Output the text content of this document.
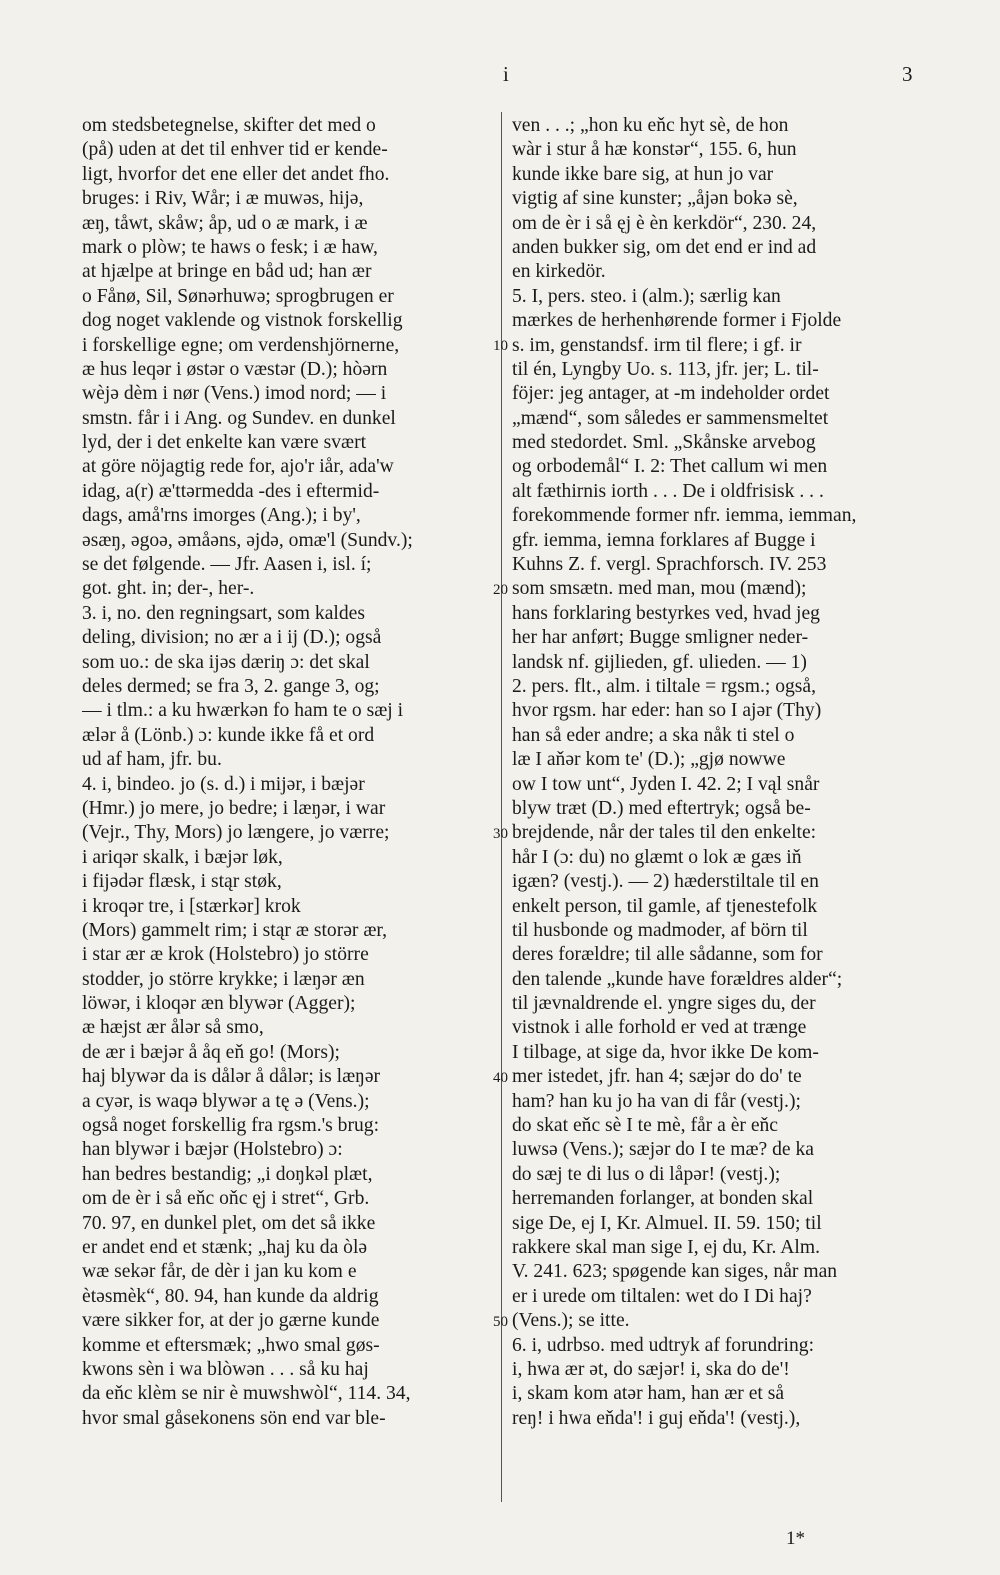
i	3
om stedsbetegnelse, skifter det med o
(på) uden at det til enhver tid er kende-
ligt, hvorfor det ene eller det andet fho.
bruges: i Riv, Wår; i æ muwəs, hiјə,
æŋ, tåwt, skåw; åp, ud o æ mark, i æ
mark o plòw; te haws o fesk; i æ haw,
at hjælpe at bringe en båd ud; han ær
o Fånø, Sil, Sønərhuwə; sprogbrugen er
dog noget vaklende og vistnok forskellig
i forskellige egne; om verdenshjörnerne,
æ hus leqər i østər o væstər (D.); hòərn
wèjə dèm i nør (Vens.) imod nord; — i
smstn. får i i Ang. og Sundev. en dunkel
lyd, der i det enkelte kan være svært
at göre nöjagtig rede for, ajo'r iår, ada'w
idag, a(r) æ'ttərmedda -des i eftermid-
dags, amå'rns imorges (Ang.); i by',
əsæŋ, əgoə, əmåəns, əjdə, omæ'l (Sundv.);
se det følgende. — Jfr. Aasen i, isl. í;
got. ght. in; der-, her-.
3. i, no. den regningsart, som kaldes
deling, division; no ær a i ij (D.); også
som uo.: de ska ijəs dæriŋ ɔ: det skal
deles dermed; se fra 3, 2. gange 3, og;
— i tlm.: a ku hwærkən fo ham te o sæj i
ælər å (Lönb.) ɔ: kunde ikke få et ord
ud af ham, jfr. bu.
4. i, bindeo. jo (s. d.) i mijər, i bæjər
(Hmr.) jo mere, jo bedre; i læŋər, i war
(Vejr., Thy, Mors) jo længere, jo værre;
i ariqər skalk, i bæjər løk,
i fijədər flæsk, i stąr støk,
i kroqər tre, i [stærkər] krok
(Mors) gammelt rim; i stąr æ storər ær,
i star ær æ krok (Holstebro) jo större
stodder, jo större krykke; i læŋər æn
löwər, i kloqər æn blywər (Agger);
æ hæjst ær ålər så smo,
de ær i bæjər å åq eň go! (Mors);
haj blywər da is dålər å dålər; is læŋər
a cyər, is waqə blywər a tę ə (Vens.);
også noget forskellig fra rgsm.'s brug:
han blywər i bæjər (Holstebro) ɔ:
han bedres bestandig; „i doŋkəl plæt,
om de èr i så eňc oňc ęj i stret“, Grb.
70. 97, en dunkel plet, om det så ikke
er andet end et stænk; „haj ku da òlə
wæ sekər får, de dèr i jan ku kom e
ètəsmèk“, 80. 94, han kunde da aldrig
være sikker for, at der jo gærne kunde
komme et eftersmæk; „hwo smal gøs-
kwons sèn i wa blòwən . . . så ku haj
da eňc klèm se nir è muwshwòl“, 114. 34,
hvor smal gåsekonens sön end var ble-
ven . . .; „hon ku eňc hyt sè, de hon
wàr i stur å hæ konstər“, 155. 6, hun
kunde ikke bare sig, at hun jo var
vigtig af sine kunster; „åjən bokə sè,
om de èr i så ęj è èn kerkdör“, 230. 24,
anden bukker sig, om det end er ind ad
en kirkedör.
5. I, pers. steo. i (alm.); særlig kan
mærkes de herhenhørende former i Fjolde
s. im, genstandsf. irm til flere; i gf. ir
til én, Lyngby Uo. s. 113, jfr. jer; L. til-
föjer: jeg antager, at -m indeholder ordet
„mænd“, som således er sammensmeltet
med stedordet. Sml. „Skånske arvebog
og orbodemål“ I. 2: Thet callum wi men
alt fæthirnis iorth . . . De i oldfrisisk . . .
forekommende former nfr. iemma, iemman,
gfr. iemma, iemna forklares af Bugge i
Kuhns Z. f. vergl. Sprachforsch. IV. 253
som smsætn. med man, mou (mænd);
hans forklaring bestyrkes ved, hvad jeg
her har anført; Bugge smligner neder-
landsk nf. gijlieden, gf. ulieden. — 1)
2. pers. flt., alm. i tiltale = rgsm.; også,
hvor rgsm. har eder: han so I ajər (Thy)
han så eder andre; a ska nåk ti stel o
læ I aňər kom te' (D.); „gjø nowwe
ow I tow unt“, Jyden I. 42. 2; I vąl snår
blyw træt (D.) med eftertryk; også be-
brejdende, når der tales til den enkelte:
hår I (ɔ: du) no glæmt o lok æ gæs iň
igæn? (vestj.). — 2) hæderstiltale til en
enkelt person, til gamle, af tjenestefolk
til husbonde og madmoder, af börn til
deres forældre; til alle sådanne, som for
den talende „kunde have forældres alder“;
til jævnaldrende el. yngre siges du, der
vistnok i alle forhold er ved at trænge
I tilbage, at sige da, hvor ikke De kom-
mer istedet, jfr. han 4; sæjər do do' te
ham? han ku jo ha van di får (vestj.);
do skat eňc sè I te mè, får a èr eňc
luwsə (Vens.); sæjər do I te mæ? de ka
do sæj te di lus o di låpər! (vestj.);
herremanden forlanger, at bonden skal
sige De, ej I, Kr. Almuel. II. 59. 150; til
rakkere skal man sige I, ej du, Kr. Alm.
V. 241. 623; spøgende kan siges, når man
er i urede om tiltalen: wet do I Di haj?
(Vens.); se itte.
6. i, udrbso. med udtryk af forundring:
i, hwa ær ət, do sæjər! i, ska do de'!
i, skam kom atər ham, han ær et så
reŋ! i hwa eňda'! i guj eňda'! (vestj.),
10
20
30
40
50
1*
